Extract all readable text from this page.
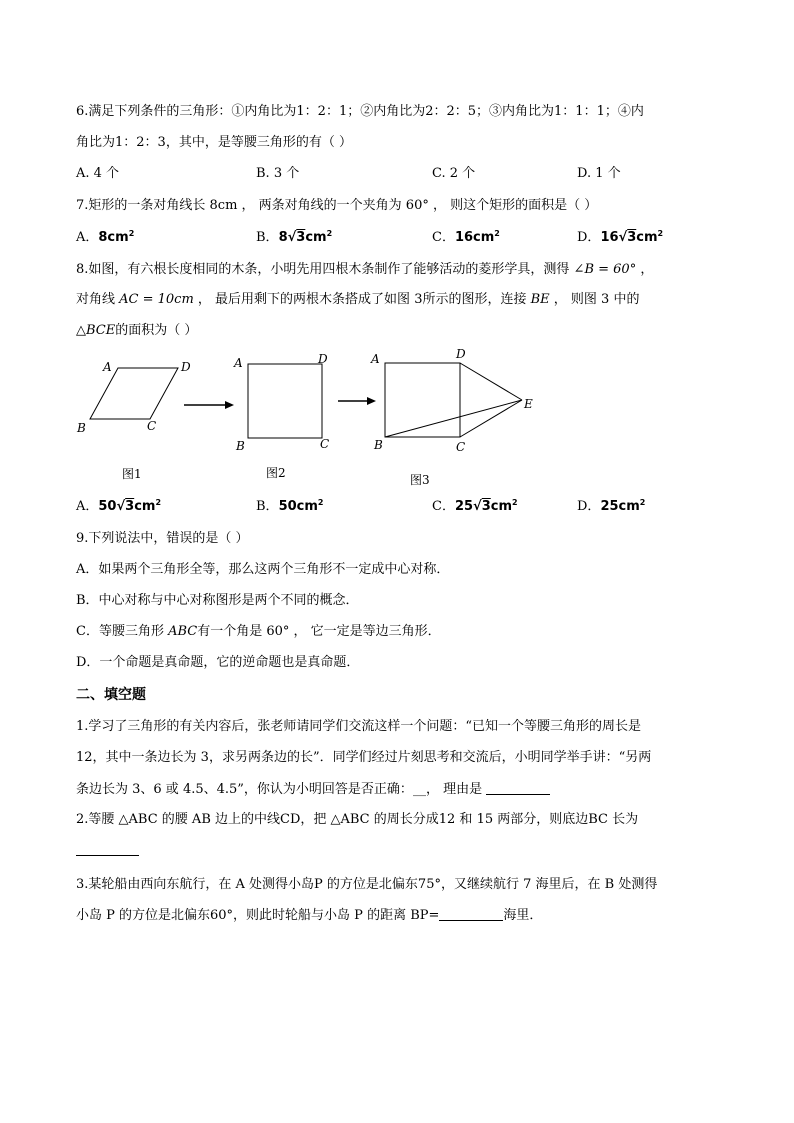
6.满足下列条件的三角形：①内角比为1：2：1；②内角比为2：2：5；③内角比为1：1：1；④内
角比为1：2：3，其中，是等腰三角形的有（ ）
A. 4 个	B. 3 个	C. 2 个	D. 1 个
7.矩形的一条对角线长 8cm ， 两条对角线的一个夹角为 60° ， 则这个矩形的面积是（ ）
A．$8cm^2$	B．$8√3cm^2$	C．$16cm^2$	D．$16√3cm^2$
8.如图，有六根长度相同的木条，小明先用四根木条制作了能够活动的菱形学具，测得 ∠B = 60° ，
对角线 AC = 10cm ， 最后用剩下的两根木条搭成了如图 3所示的图形，连接 BE ， 则图 3 中的
△BCE的面积为（ ）
A	D
B	C
图1
A	D
B	C
图2
A	D
B	C
E
图3
A．$50√3cm^2$	B．$50cm^2$	C．$25√3cm^2$	D．$25cm^2$
9.下列说法中，错误的是（ ）
A．如果两个三角形全等，那么这两个三角形不一定成中心对称．
B．中心对称与中心对称图形是两个不同的概念．
C．等腰三角形 ABC有一个角是 60° ， 它一定是等边三角形．
D．一个命题是真命题，它的逆命题也是真命题．
二、填空题
1.学习了三角形的有关内容后，张老师请同学们交流这样一个问题：“已知一个等腰三角形的周长是
12，其中一条边长为 3，求另两条边的长”．同学们经过片刻思考和交流后，小明同学举手讲：“另两
条边长为 3、6 或 4.5、4.5”，你认为小明回答是否正确：__， 理由是
2.等腰 △ABC 的腰 AB 边上的中线CD，把 △ABC 的周长分成12 和 15 两部分，则底边BC 长为
3.某轮船由西向东航行，在 A 处测得小岛P 的方位是北偏东75°，又继续航行 7 海里后，在 B 处测得
小岛 P 的方位是北偏东60°，则此时轮船与小岛 P 的距离 BP=	海里．
